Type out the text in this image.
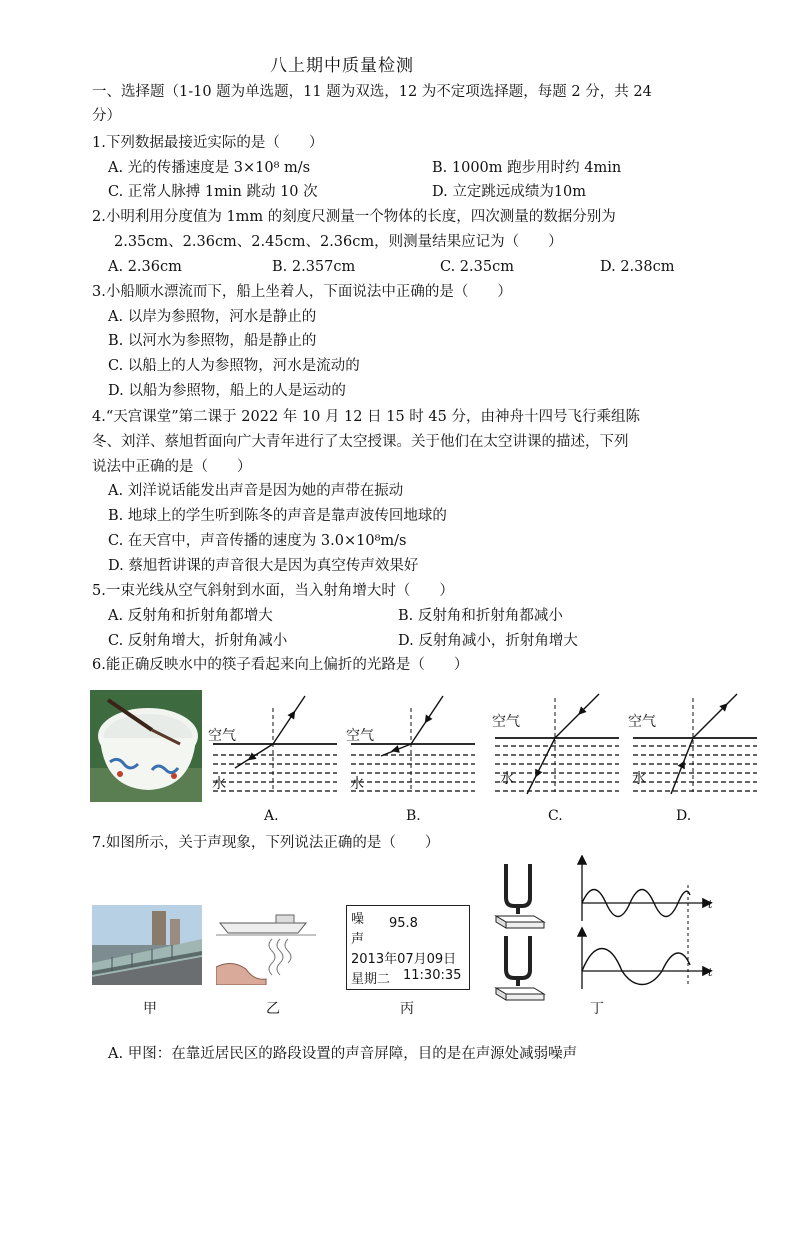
八上期中质量检测
一、选择题（1-10 题为单选题，11 题为双选，12 为不定项选择题，每题 2 分，共 24
分）
1.下列数据最接近实际的是（　　）
A. 光的传播速度是 3×10⁸ m/s	B. 1000m 跑步用时约 4min
C. 正常人脉搏 1min 跳动 10 次	D. 立定跳远成绩为10m
2.小明利用分度值为 1mm 的刻度尺测量一个物体的长度，四次测量的数据分别为
2.35cm、2.36cm、2.45cm、2.36cm，则测量结果应记为（　　）
A. 2.36cm	B. 2.357cm	C. 2.35cm	D. 2.38cm
3.小船顺水漂流而下，船上坐着人，下面说法中正确的是（　　）
A. 以岸为参照物，河水是静止的
B. 以河水为参照物，船是静止的
C. 以船上的人为参照物，河水是流动的
D. 以船为参照物，船上的人是运动的
4.“天宫课堂”第二课于 2022 年 10 月 12 日 15 时 45 分，由神舟十四号飞行乘组陈
冬、刘洋、蔡旭哲面向广大青年进行了太空授课。关于他们在太空讲课的描述，下列
说法中正确的是（　　）
A. 刘洋说话能发出声音是因为她的声带在振动
B. 地球上的学生听到陈冬的声音是靠声波传回地球的
C. 在天宫中，声音传播的速度为 3.0×10⁸m/s
D. 蔡旭哲讲课的声音很大是因为真空传声效果好
5.一束光线从空气斜射到水面，当入射角增大时（　　）
A. 反射角和折射角都增大	B. 反射角和折射角都减小
C. 反射角增大，折射角减小	D. 反射角减小，折射角增大
6.能正确反映水中的筷子看起来向上偏折的光路是（　　）
空气
水
空气
水
空气
水
空气
水
A.	B.	C.	D.
7.如图所示，关于声现象，下列说法正确的是（　　）
噪
声
95.8
2013年07月09日
星期二 11:30:35
t
t
甲	乙	丙	丁
A. 甲图：在靠近居民区的路段设置的声音屏障，目的是在声源处减弱噪声
